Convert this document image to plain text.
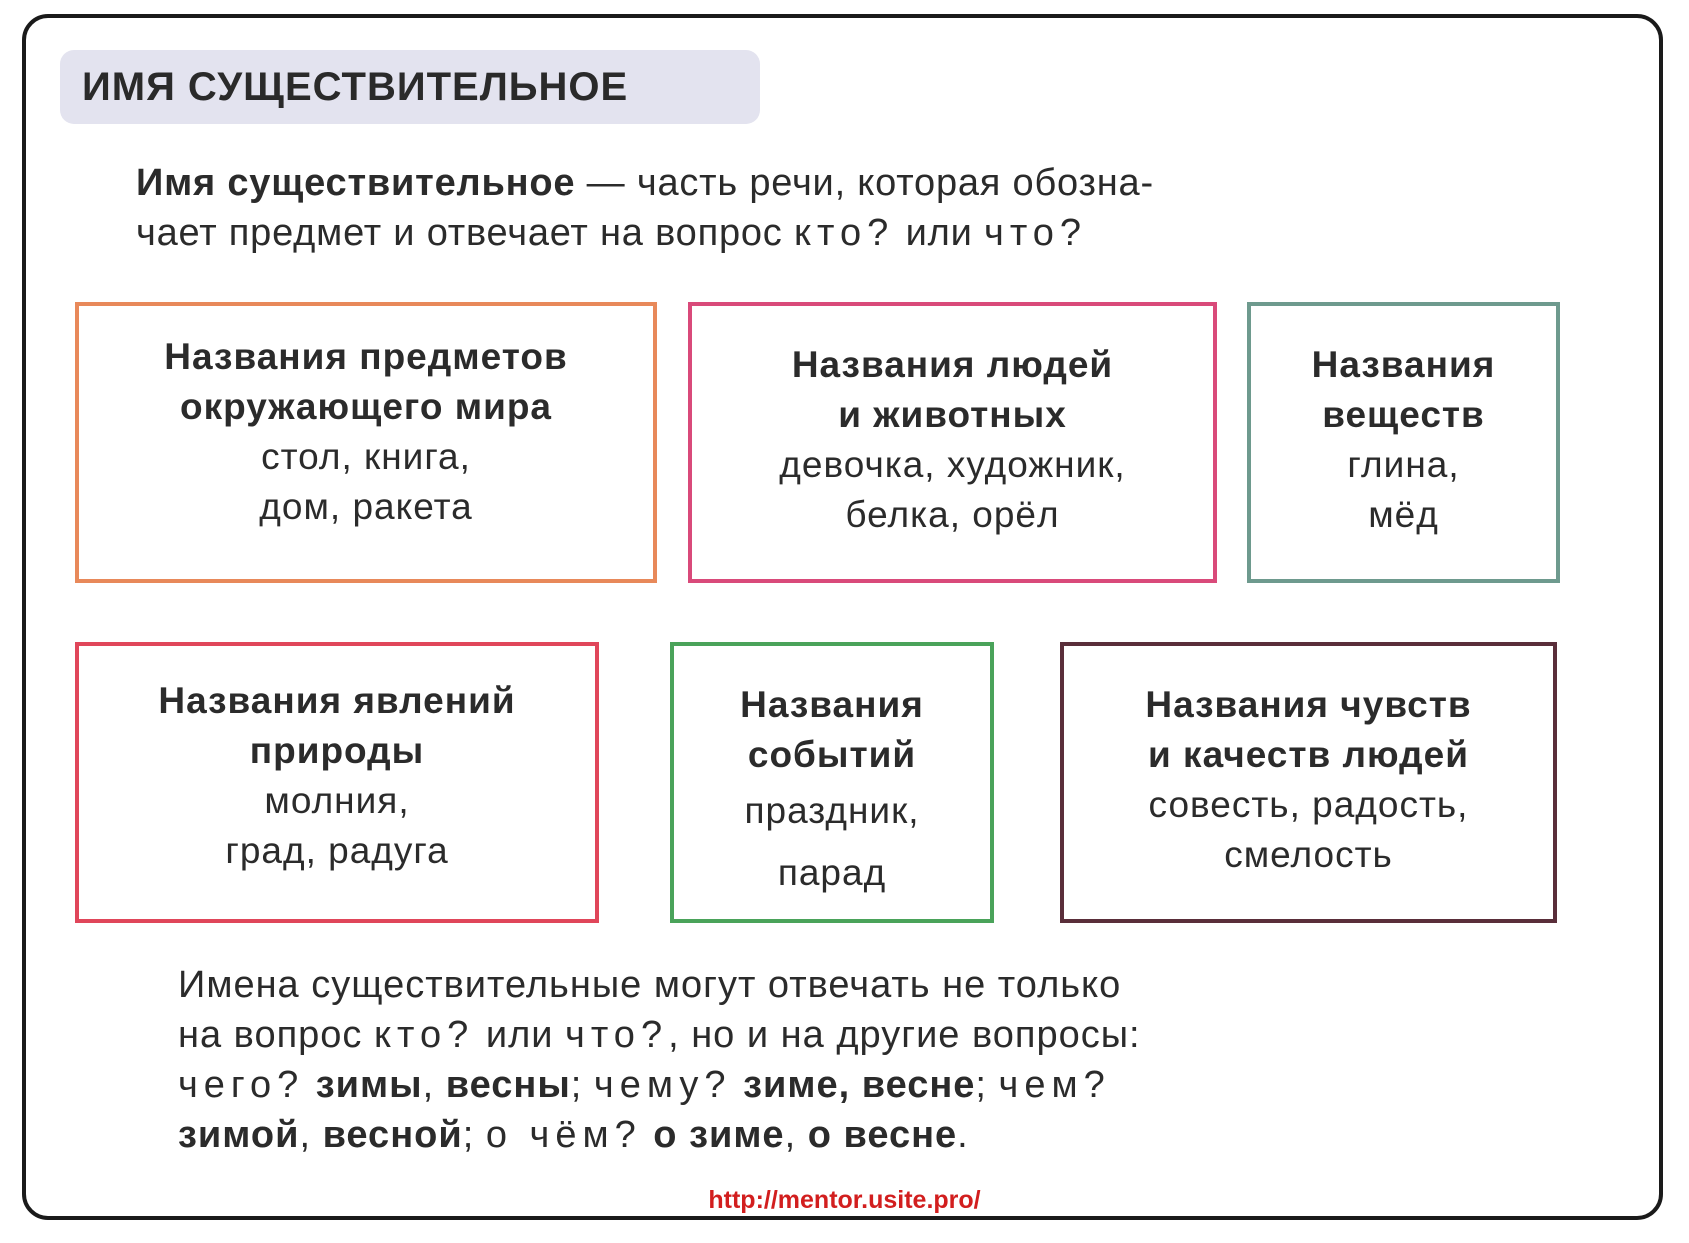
ИМЯ СУЩЕСТВИТЕЛЬНОЕ
Имя существительное — часть речи, которая обозна-
чает предмет и отвечает на вопрос кто? или что?
Названия предметов
окружающего мира
стол, книга,
дом, ракета
Названия людей
и животных
девочка, художник,
белка, орёл
Названия
веществ
глина,
мёд
Названия явлений
природы
молния,
град, радуга
Названия
событий
праздник,
парад
Названия чувств
и качеств людей
совесть, радость,
смелость
Имена существительные могут отвечать не только
на вопрос кто? или что?, но и на другие вопросы:
чего? зимы, весны; чему? зиме, весне; чем?
зимой, весной; о чём? о зиме, о весне.
http://mentor.usite.pro/
